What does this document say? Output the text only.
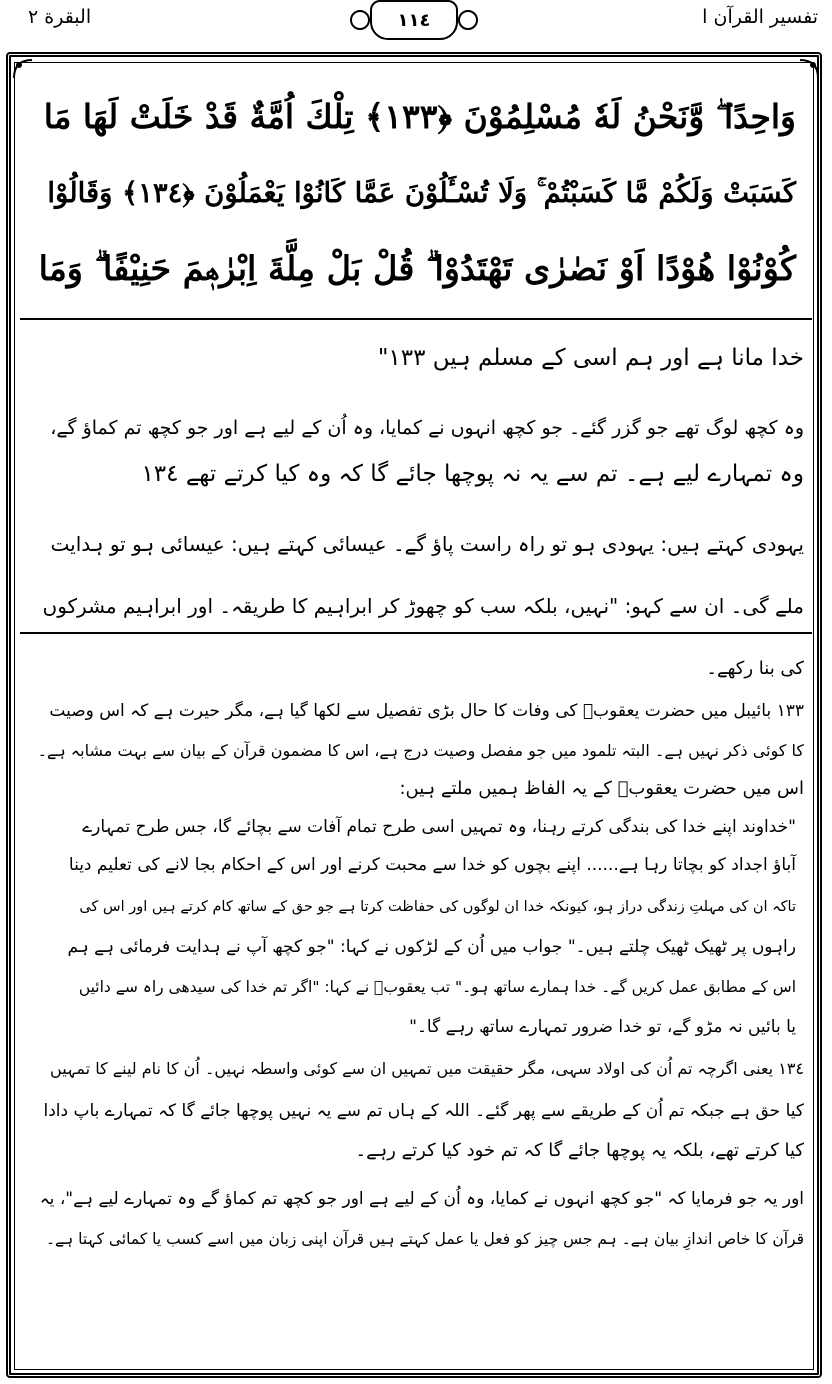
تفسیر القرآن ا
١١٤
البقرة ٢
وَاحِدًا ۖ وَّنَحْنُ لَهٗ مُسْلِمُوْنَ ﴿١٣٣﴾ تِلْكَ اُمَّةٌ قَدْ خَلَتْ لَهَا مَا
كَسَبَتْ وَلَكُمْ مَّا كَسَبْتُمْ ۚ وَلَا تُسْـَٔلُوْنَ عَمَّا كَانُوْا يَعْمَلُوْنَ ﴿١٣٤﴾ وَقَالُوْا
كُوْنُوْا هُوْدًا اَوْ نَصٰرٰى تَهْتَدُوْا ۗ قُلْ بَلْ مِلَّةَ اِبْرٰهٖمَ حَنِيْفًا ۗ وَمَا
خدا مانا ہے اور ہم اسی کے مسلم ہیں ١٣٣"
وہ کچھ لوگ تھے جو گزر گئے۔ جو کچھ انہوں نے کمایا، وہ اُن کے لیے ہے اور جو کچھ تم کماؤ گے،
وہ تمہارے لیے ہے۔ تم سے یہ نہ پوچھا جائے گا کہ وہ کیا کرتے تھے ١٣٤
یہودی کہتے ہیں: یہودی ہو تو راہ راست پاؤ گے۔ عیسائی کہتے ہیں: عیسائی ہو تو ہدایت
ملے گی۔ ان سے کہو: "نہیں، بلکہ سب کو چھوڑ کر ابراہیم کا طریقہ۔ اور ابراہیم مشرکوں
کی بنا رکھے۔
١٣٣ بائیبل میں حضرت یعقوبؑ کی وفات کا حال بڑی تفصیل سے لکھا گیا ہے، مگر حیرت ہے کہ اس وصیت
کا کوئی ذکر نہیں ہے۔ البتہ تلمود میں جو مفصل وصیت درج ہے، اس کا مضمون قرآن کے بیان سے بہت مشابہ ہے۔
اس میں حضرت یعقوبؑ کے یہ الفاظ ہمیں ملتے ہیں:
"خداوند اپنے خدا کی بندگی کرتے رہنا، وہ تمہیں اسی طرح تمام آفات سے بچائے گا، جس طرح تمہارے
آباؤ اجداد کو بچاتا رہا ہے...... اپنے بچوں کو خدا سے محبت کرنے اور اس کے احکام بجا لانے کی تعلیم دینا
تاکہ ان کی مہلتِ زندگی دراز ہو، کیونکہ خدا ان لوگوں کی حفاظت کرتا ہے جو حق کے ساتھ کام کرتے ہیں اور اس کی
راہوں پر ٹھیک ٹھیک چلتے ہیں۔" جواب میں اُن کے لڑکوں نے کہا: "جو کچھ آپ نے ہدایت فرمائی ہے ہم
اس کے مطابق عمل کریں گے۔ خدا ہمارے ساتھ ہو۔" تب یعقوبؑ نے کہا: "اگر تم خدا کی سیدھی راہ سے دائیں
یا بائیں نہ مڑو گے، تو خدا ضرور تمہارے ساتھ رہے گا۔"
١٣٤ یعنی اگرچہ تم اُن کی اولاد سہی، مگر حقیقت میں تمہیں ان سے کوئی واسطہ نہیں۔ اُن کا نام لینے کا تمہیں
کیا حق ہے جبکہ تم اُن کے طریقے سے پھر گئے۔ اللہ کے ہاں تم سے یہ نہیں پوچھا جائے گا کہ تمہارے باپ دادا
کیا کرتے تھے، بلکہ یہ پوچھا جائے گا کہ تم خود کیا کرتے رہے۔
اور یہ جو فرمایا کہ "جو کچھ انہوں نے کمایا، وہ اُن کے لیے ہے اور جو کچھ تم کماؤ گے وہ تمہارے لیے ہے"، یہ
قرآن کا خاص اندازِ بیان ہے۔ ہم جس چیز کو فعل یا عمل کہتے ہیں قرآن اپنی زبان میں اسے کسب یا کمائی کہتا ہے۔
